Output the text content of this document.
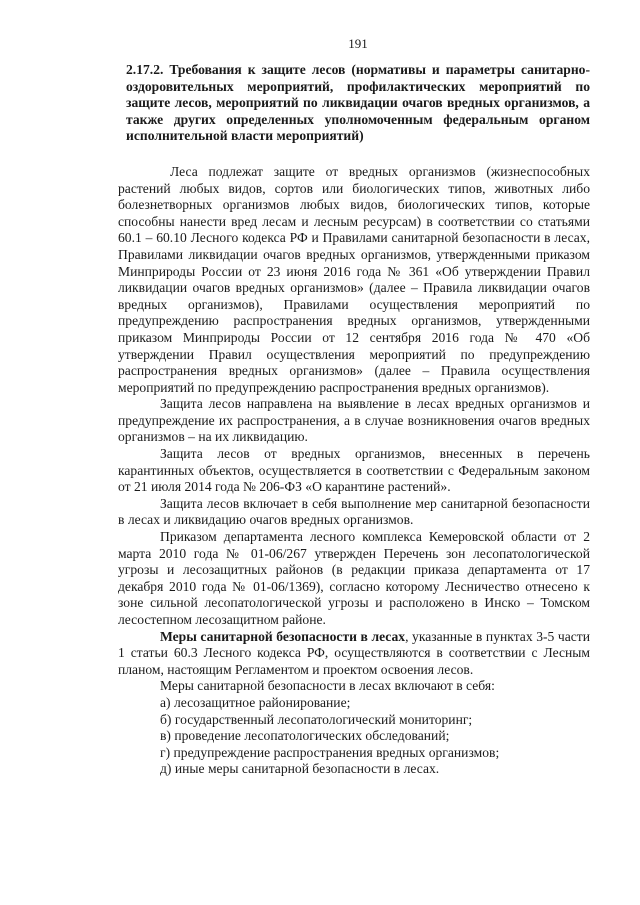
191
2.17.2. Требования к защите лесов (нормативы и параметры санитарно-оздоровительных мероприятий, профилактических мероприятий по защите лесов, мероприятий по ликвидации очагов вредных организмов, а также других определенных уполномоченным федеральным органом исполнительной власти мероприятий)

Леса подлежат защите от вредных организмов (жизнеспособных растений любых видов, сортов или биологических типов, животных либо болезнетворных организмов любых видов, биологических типов, которые способны нанести вред лесам и лесным ресурсам) в соответствии со статьями 60.1 – 60.10 Лесного кодекса РФ и Правилами санитарной безопасности в лесах, Правилами ликвидации очагов вредных организмов, утвержденными приказом Минприроды России от 23 июня 2016 года № 361 «Об утверждении Правил ликвидации очагов вредных организмов» (далее – Правила ликвидации очагов вредных организмов), Правилами осуществления мероприятий по предупреждению распространения вредных организмов, утвержденными приказом Минприроды России от 12 сентября 2016 года № 470 «Об утверждении Правил осуществления мероприятий по предупреждению распространения вредных организмов» (далее – Правила осуществления мероприятий по предупреждению распространения вредных организмов).

Защита лесов направлена на выявление в лесах вредных организмов и предупреждение их распространения, а в случае возникновения очагов вредных организмов – на их ликвидацию.

Защита лесов от вредных организмов, внесенных в перечень карантинных объектов, осуществляется в соответствии с Федеральным законом от 21 июля 2014 года № 206-ФЗ «О карантине растений».

Защита лесов включает в себя выполнение мер санитарной безопасности в лесах и ликвидацию очагов вредных организмов.

Приказом департамента лесного комплекса Кемеровской области от 2 марта 2010 года № 01-06/267 утвержден Перечень зон лесопатологической угрозы и лесозащитных районов (в редакции приказа департамента от 17 декабря 2010 года № 01-06/1369), согласно которому Лесничество отнесено к зоне сильной лесопатологической угрозы и расположено в Инско – Томском лесостепном лесозащитном районе.

Меры санитарной безопасности в лесах, указанные в пунктах 3-5 части 1 статьи 60.3 Лесного кодекса РФ, осуществляются в соответствии с Лесным планом, настоящим Регламентом и проектом освоения лесов.

Меры санитарной безопасности в лесах включают в себя:

а) лесозащитное районирование;
б) государственный лесопатологический мониторинг;
в) проведение лесопатологических обследований;
г) предупреждение распространения вредных организмов;
д) иные меры санитарной безопасности в лесах.
